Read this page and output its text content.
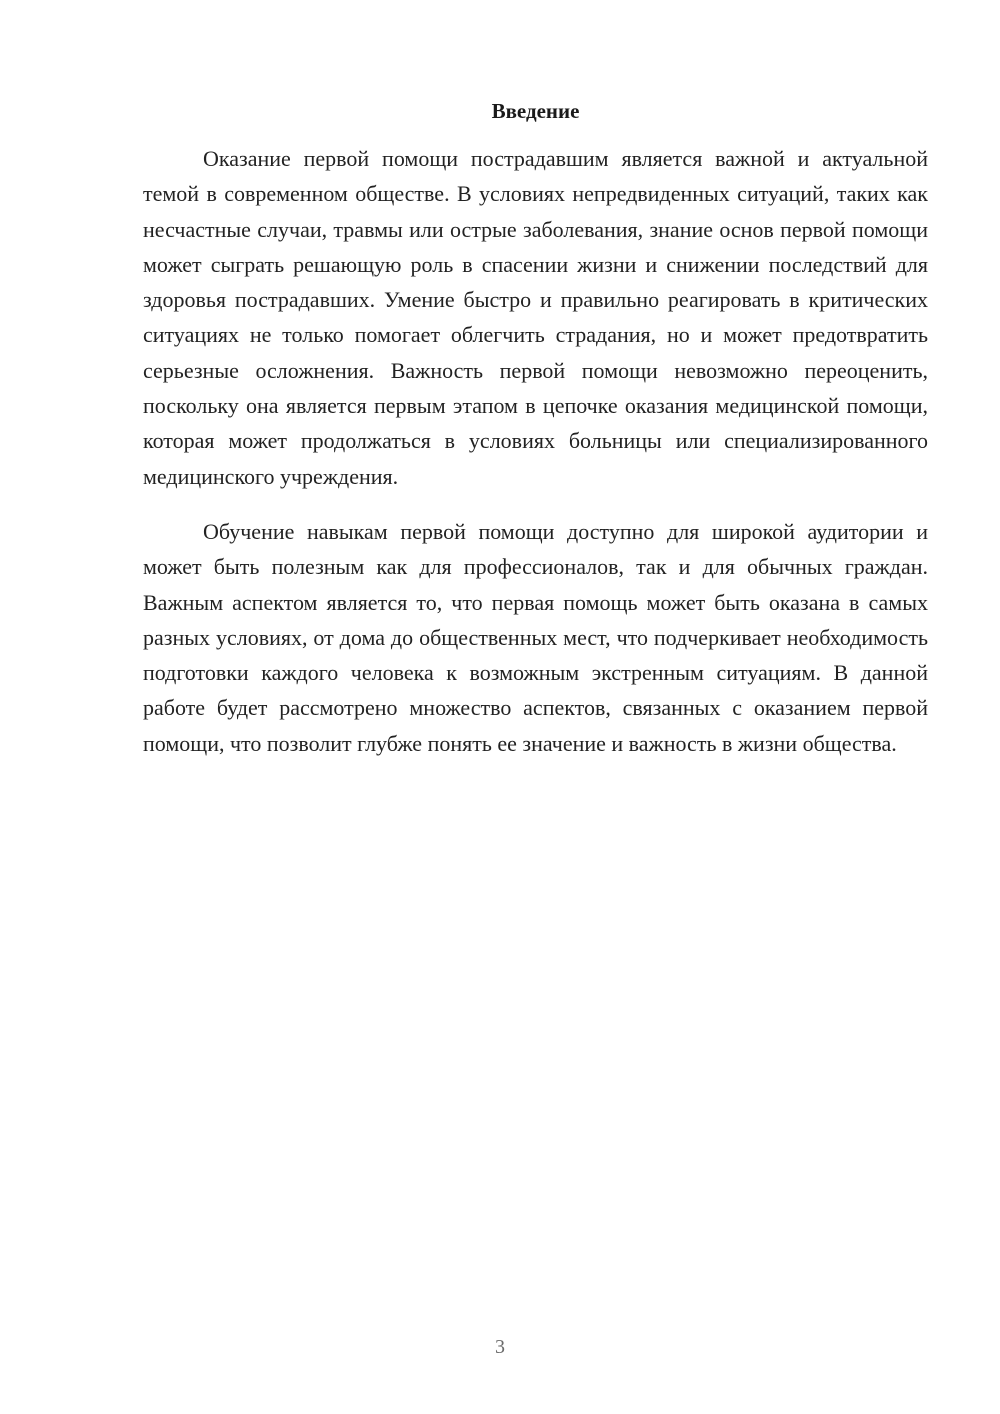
Введение

Оказание первой помощи пострадавшим является важной и актуальной темой в современном обществе. В условиях непредвиденных ситуаций, таких как несчастные случаи, травмы или острые заболевания, знание основ первой помощи может сыграть решающую роль в спасении жизни и снижении последствий для здоровья пострадавших. Умение быстро и правильно реагировать в критических ситуациях не только помогает облегчить страдания, но и может предотвратить серьезные осложнения. Важность первой помощи невозможно переоценить, поскольку она является первым этапом в цепочке оказания медицинской помощи, которая может продолжаться в условиях больницы или специализированного медицинского учреждения.

Обучение навыкам первой помощи доступно для широкой аудитории и может быть полезным как для профессионалов, так и для обычных граждан. Важным аспектом является то, что первая помощь может быть оказана в самых разных условиях, от дома до общественных мест, что подчеркивает необходимость подготовки каждого человека к возможным экстренным ситуациям. В данной работе будет рассмотрено множество аспектов, связанных с оказанием первой помощи, что позволит глубже понять ее значение и важность в жизни общества.

3
